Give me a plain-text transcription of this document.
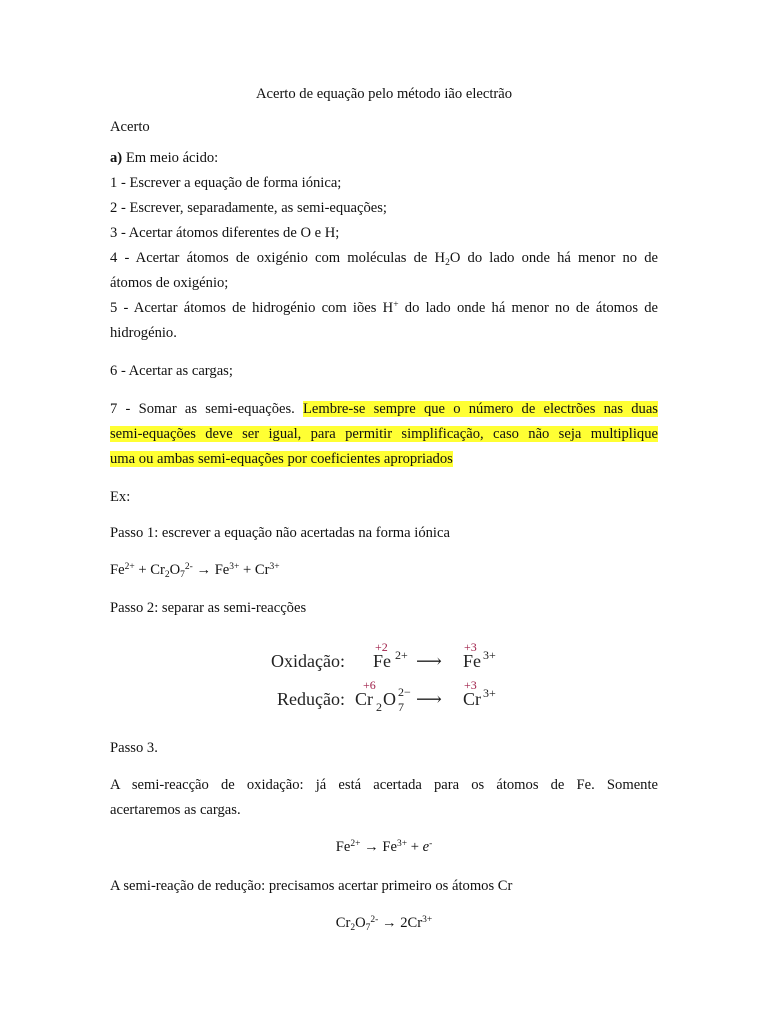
Acerto de equação pelo método ião electrão
Acerto
a) Em meio ácido:
1 - Escrever a equação de forma iónica;
2 - Escrever, separadamente, as semi-equações;
3 - Acertar átomos diferentes de O e H;
4 - Acertar átomos de oxigénio com moléculas de $H_2O$ do lado onde há menor no de
átomos de oxigénio;
5 - Acertar átomos de hidrogénio com iões H+ do lado onde há menor no de átomos de
hidrogénio.
6 - Acertar as cargas;
7 - Somar as semi-equações. Lembre-se sempre que o número de electrões nas duas
semi-equações deve ser igual, para permitir simplificação, caso não seja multiplique
uma ou ambas semi-equações por coeficientes apropriados
Ex:
Passo 1: escrever a equação não acertadas na forma iónica
$Fe^{2+} + Cr_2O_7^{2-} \to Fe^{3+} + Cr^{3+}$
Passo 2: separar as semi-reacções
Oxidação: Fe 2+ ⟶ Fe 3+
Redução: Cr 2 O 7
2− ⟶ Cr 3+
+2	+3
+6	+3
Passo 3.
A semi-reacção de oxidação: já está acertada para os átomos de Fe. Somente
acertaremos as cargas.
$Fe^{2+} \to Fe^{3+} + e^-$
A semi-reação de redução: precisamos acertar primeiro os átomos Cr
$Cr_2O_7^{2-} \to 2Cr^{3+}$
